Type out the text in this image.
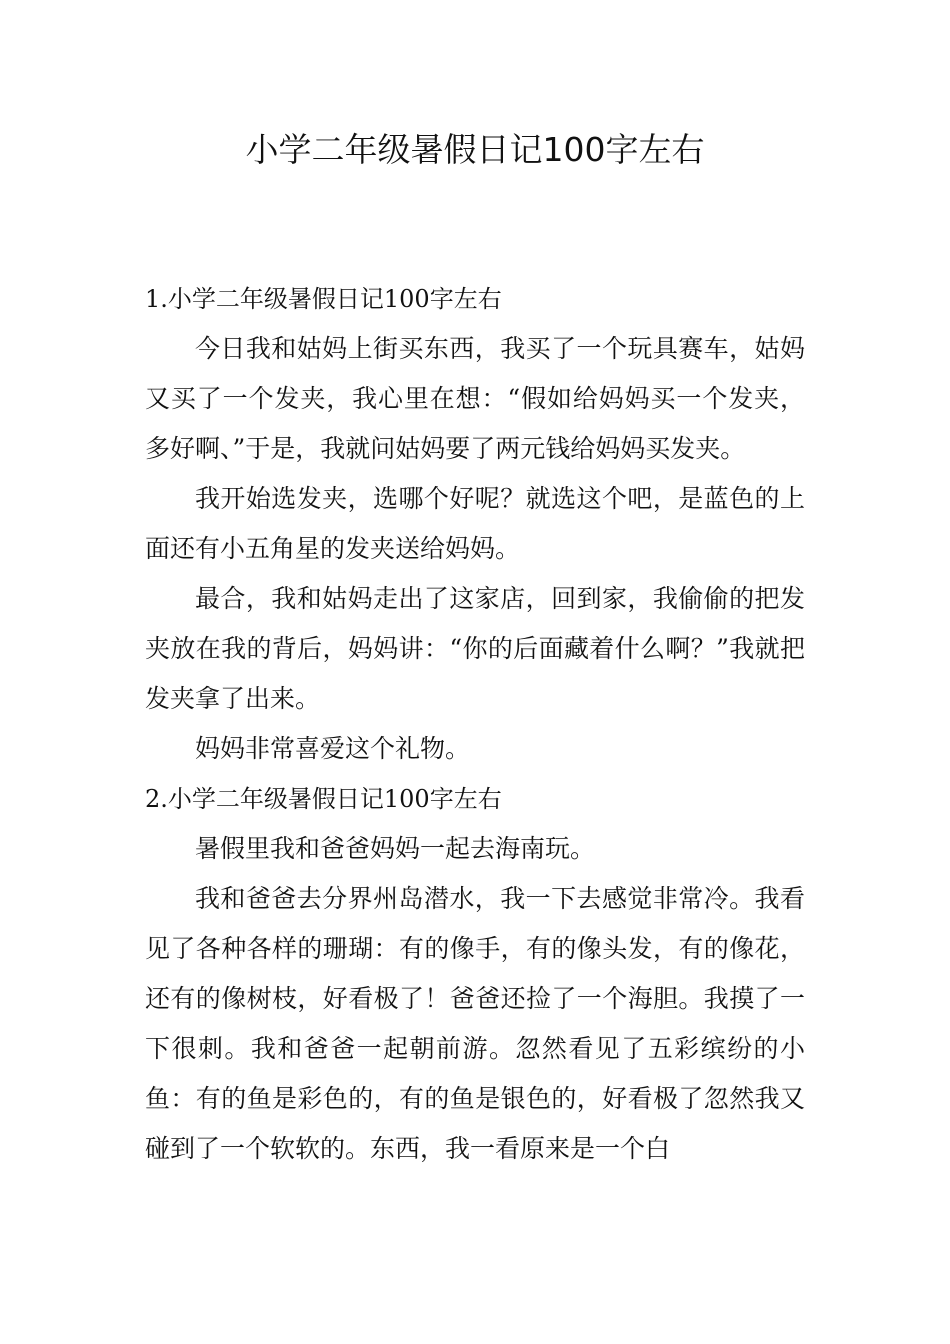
小学二年级暑假日记100字左右
1.小学二年级暑假日记100字左右

今日我和姑妈上街买东西，我买了一个玩具赛车，姑妈又买了一个发夹，我心里在想：“假如给妈妈买一个发夹，多好啊、”于是，我就问姑妈要了两元钱给妈妈买发夹。

我开始选发夹，选哪个好呢？就选这个吧，是蓝色的上面还有小五角星的发夹送给妈妈。

最合，我和姑妈走出了这家店，回到家，我偷偷的把发夹放在我的背后，妈妈讲：“你的后面藏着什么啊？”我就把发夹拿了出来。

妈妈非常喜爱这个礼物。

2.小学二年级暑假日记100字左右

暑假里我和爸爸妈妈一起去海南玩。

我和爸爸去分界州岛潜水，我一下去感觉非常冷。我看见了各种各样的珊瑚：有的像手，有的像头发，有的像花，还有的像树枝，好看极了！爸爸还捡了一个海胆。我摸了一下很刺。我和爸爸一起朝前游。忽然看见了五彩缤纷的小鱼：有的鱼是彩色的，有的鱼是银色的，好看极了忽然我又碰到了一个软软的。东西，我一看原来是一个白
